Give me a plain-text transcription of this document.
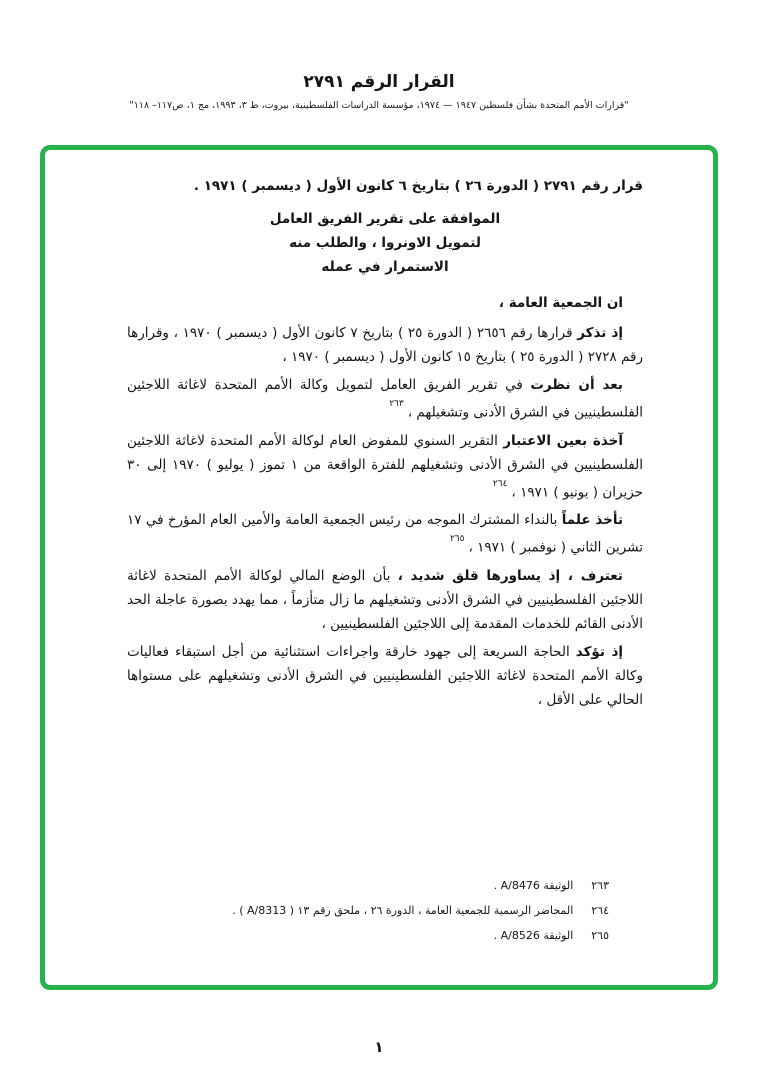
القرار الرقم ٢٧٩١
"قرارات الأمم المتحدة بشأن فلسطين ١٩٤٧ — ١٩٧٤، مؤسسة الدراسات الفلسطينية، بيروت، ط ٣، ١٩٩٣، مج ١، ص١١٧– ١١٨"

قرار رقم ٢٧٩١ ( الدورة ٢٦ ) بتاريخ ٦ كانون الأول ( ديسمبر ) ١٩٧١ .

الموافقة على تقرير الفريق العامل
لتمويل الاونروا ، والطلب منه
الاستمرار في عمله

ان الجمعية العامة ،

إذ تذكر قرارها رقم ٢٦٥٦ ( الدورة ٢٥ ) بتاريخ ٧ كانون الأول ( ديسمبر ) ١٩٧٠ ، وقرارها رقم ٢٧٢٨ ( الدورة ٢٥ ) بتاريخ ١٥ كانون الأول ( ديسمبر ) ١٩٧٠ ،

بعد أن نظرت في تقرير الفريق العامل لتمويل وكالة الأمم المتحدة لاغاثة اللاجئين الفلسطينيين في الشرق الأدنى وتشغيلهم ،$^{٢٦٣}$

آخذة بعين الاعتبار التقرير السنوي للمفوض العام لوكالة الأمم المتحدة لاغاثة اللاجئين الفلسطينيين في الشرق الأدنى وتشغيلهم للفترة الواقعة من ١ تموز ( يوليو ) ١٩٧٠ إلى ٣٠ حزيران ( يونيو ) ١٩٧١ ،$^{٢٦٤}$

تأخذ علماً بالنداء المشترك الموجه من رئيس الجمعية العامة والأمين العام المؤرخ في ١٧ تشرين الثاني ( نوفمبر ) ١٩٧١ ،$^{٢٦٥}$

تعترف ، إذ يساورها قلق شديد ، بأن الوضع المالي لوكالة الأمم المتحدة لاغاثة اللاجئين الفلسطينيين في الشرق الأدنى وتشغيلهم ما زال متأزماً ، مما يهدد بصورة عاجلة الحد الأدنى القائم للخدمات المقدمة إلى اللاجئين الفلسطينيين ،

إذ تؤكد الحاجة السريعة إلى جهود خارقة واجراءات استثنائية من أجل استبقاء فعاليات وكالة الأمم المتحدة لاغاثة اللاجئين الفلسطينيين في الشرق الأدنى وتشغيلهم على مستواها الحالي على الأقل ،

٢٦٣
الوثيقة A/8476 .
٢٦٤
المحاضر الرسمية للجمعية العامة ، الدورة ٢٦ ، ملحق رقم ١٣ ( A/8313 ) .
٢٦٥
الوثيقة A/8526 .
١
